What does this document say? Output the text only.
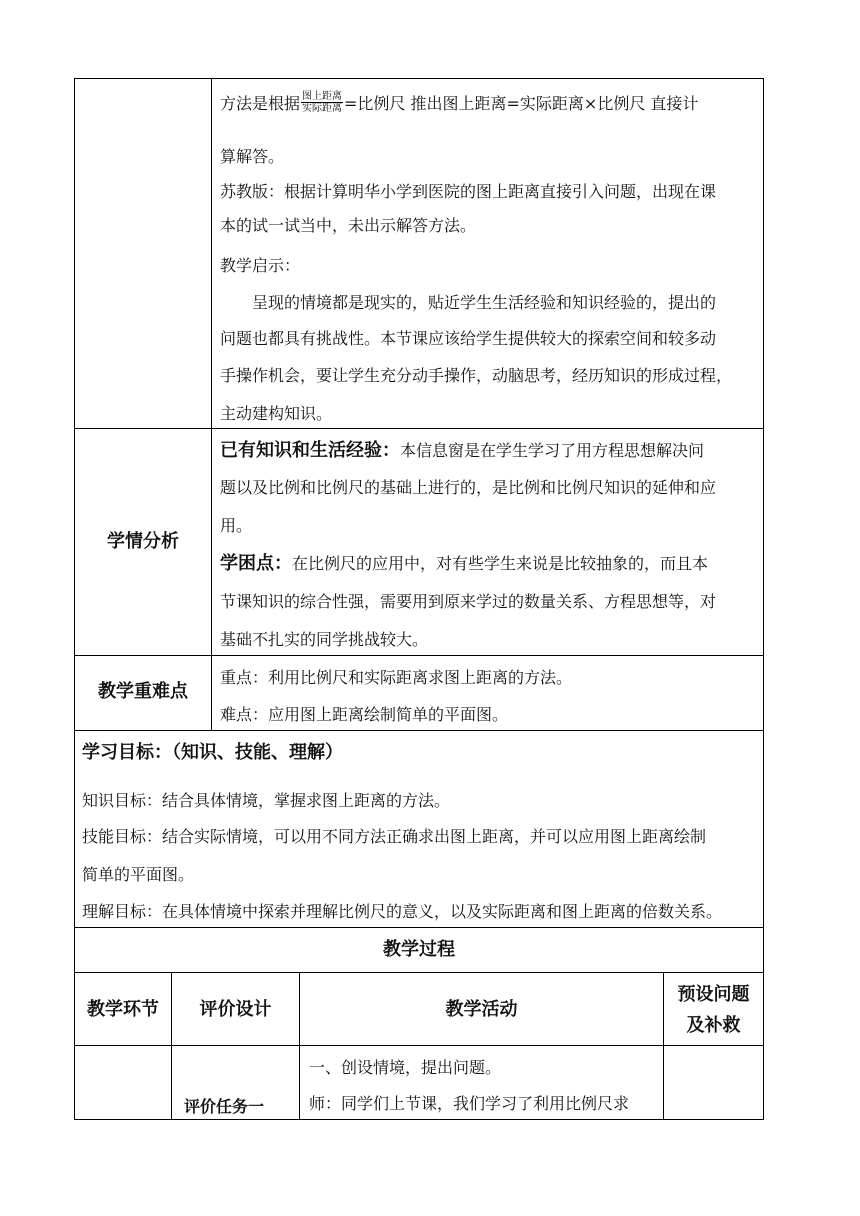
方法是根据 $\frac{\text{图上距离}}{\text{实际距离}}$ =比例尺 推出图上距离=实际距离×比例尺 直接计
算解答。
苏教版：根据计算明华小学到医院的图上距离直接引入问题，出现在课
本的试一试当中，未出示解答方法。
教学启示：
呈现的情境都是现实的，贴近学生生活经验和知识经验的，提出的
问题也都具有挑战性。本节课应该给学生提供较大的探索空间和较多动
手操作机会，要让学生充分动手操作，动脑思考，经历知识的形成过程，
主动建构知识。
学情分析
已有知识和生活经验：本信息窗是在学生学习了用方程思想解决问
题以及比例和比例尺的基础上进行的，是比例和比例尺知识的延伸和应
用。
学困点：在比例尺的应用中，对有些学生来说是比较抽象的，而且本
节课知识的综合性强，需要用到原来学过的数量关系、方程思想等，对
基础不扎实的同学挑战较大。
教学重难点
重点：利用比例尺和实际距离求图上距离的方法。
难点：应用图上距离绘制简单的平面图。
学习目标：（知识、技能、理解）
知识目标：结合具体情境，掌握求图上距离的方法。
技能目标：结合实际情境，可以用不同方法正确求出图上距离，并可以应用图上距离绘制
简单的平面图。
理解目标：在具体情境中探索并理解比例尺的意义，以及实际距离和图上距离的倍数关系。
教学过程
教学环节	评价设计	教学活动
预设问题
及补救
评价任务一
一、创设情境，提出问题。
师：同学们上节课，我们学习了利用比例尺求
